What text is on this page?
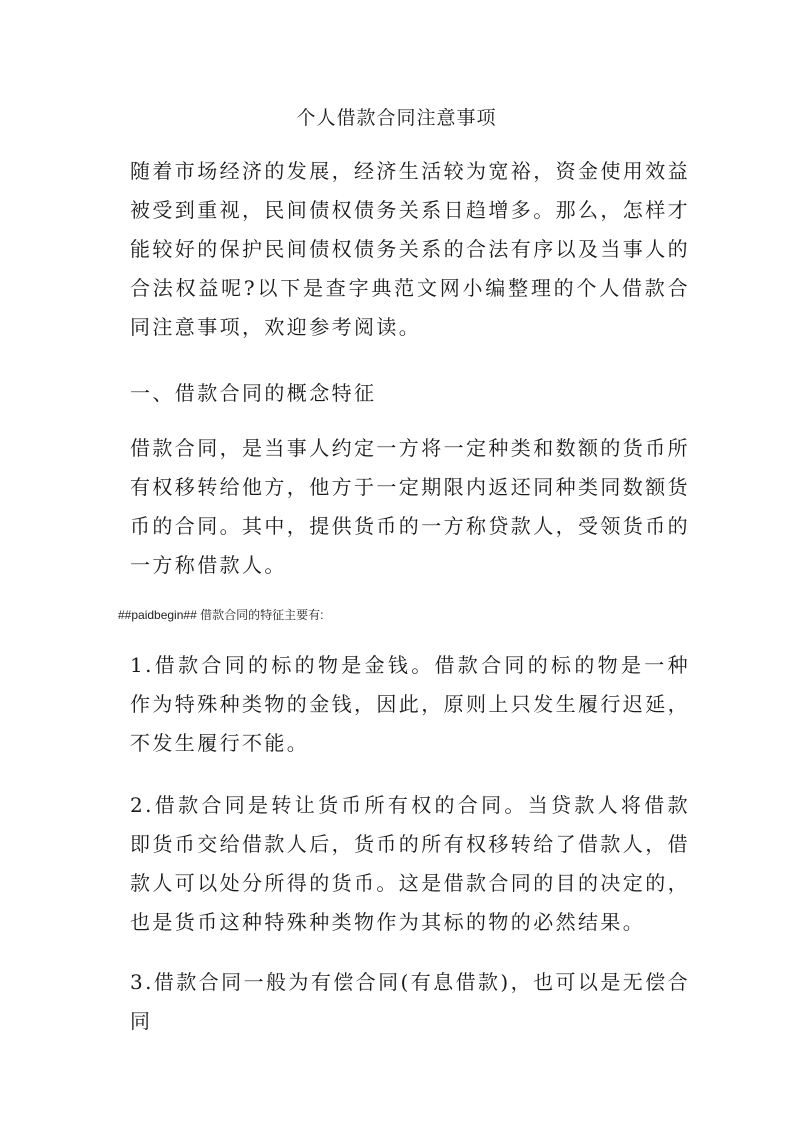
个人借款合同注意事项

随着市场经济的发展，经济生活较为宽裕，资金使用效益被受到重视，民间债权债务关系日趋增多。那么，怎样才能较好的保护民间债权债务关系的合法有序以及当事人的合法权益呢?以下是查字典范文网小编整理的个人借款合同注意事项，欢迎参考阅读。

一、借款合同的概念特征

借款合同，是当事人约定一方将一定种类和数额的货币所有权移转给他方，他方于一定期限内返还同种类同数额货币的合同。其中，提供货币的一方称贷款人，受领货币的一方称借款人。

##paidbegin## 借款合同的特征主要有:

1.借款合同的标的物是金钱。借款合同的标的物是一种作为特殊种类物的金钱，因此，原则上只发生履行迟延，不发生履行不能。

2.借款合同是转让货币所有权的合同。当贷款人将借款即货币交给借款人后，货币的所有权移转给了借款人，借款人可以处分所得的货币。这是借款合同的目的决定的，也是货币这种特殊种类物作为其标的物的必然结果。

3.借款合同一般为有偿合同(有息借款)，也可以是无偿合同
